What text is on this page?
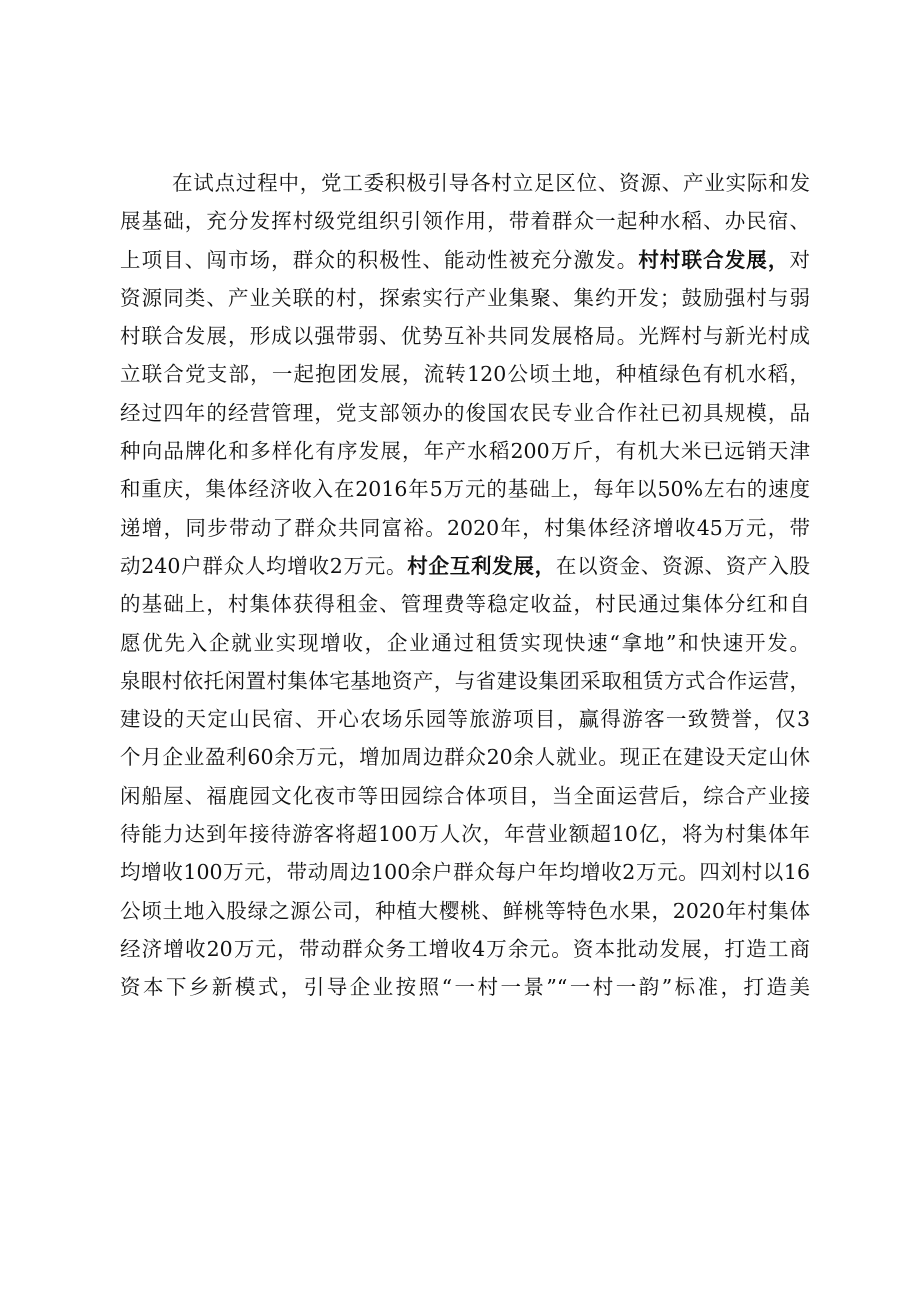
在试点过程中，党工委积极引导各村立足区位、资源、产业实际和发
展基础，充分发挥村级党组织引领作用，带着群众一起种水稻、办民宿、
上项目、闯市场，群众的积极性、能动性被充分激发。村村联合发展，对
资源同类、产业关联的村，探索实行产业集聚、集约开发；鼓励强村与弱
村联合发展，形成以强带弱、优势互补共同发展格局。光辉村与新光村成
立联合党支部，一起抱团发展，流转120公顷土地，种植绿色有机水稻，
经过四年的经营管理，党支部领办的俊国农民专业合作社已初具规模，品
种向品牌化和多样化有序发展，年产水稻200万斤，有机大米已远销天津
和重庆，集体经济收入在2016年5万元的基础上，每年以50%左右的速度
递增，同步带动了群众共同富裕。2020年，村集体经济增收45万元，带
动240户群众人均增收2万元。村企互利发展，在以资金、资源、资产入股
的基础上，村集体获得租金、管理费等稳定收益，村民通过集体分红和自
愿优先入企就业实现增收，企业通过租赁实现快速“拿地”和快速开发。
泉眼村依托闲置村集体宅基地资产，与省建设集团采取租赁方式合作运营，
建设的天定山民宿、开心农场乐园等旅游项目，赢得游客一致赞誉，仅3
个月企业盈利60余万元，增加周边群众20余人就业。现正在建设天定山休
闲船屋、福鹿园文化夜市等田园综合体项目，当全面运营后，综合产业接
待能力达到年接待游客将超100万人次，年营业额超10亿，将为村集体年
均增收100万元，带动周边100余户群众每户年均增收2万元。四刘村以16
公顷土地入股绿之源公司，种植大樱桃、鲜桃等特色水果，2020年村集体
经济增收20万元，带动群众务工增收4万余元。资本批动发展，打造工商
资本下乡新模式，引导企业按照“一村一景”“一村一韵”标准，打造美
